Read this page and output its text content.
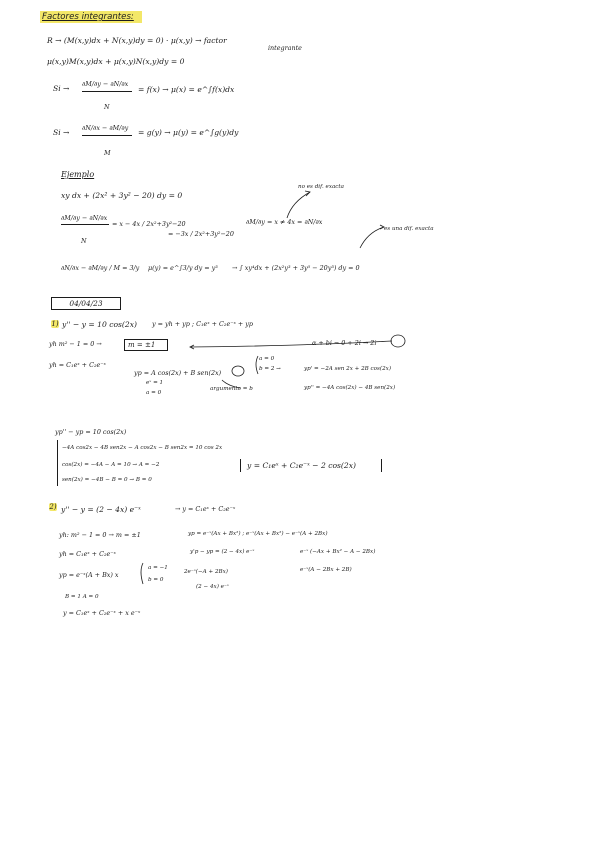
Factores integrantes:
R → (M(x,y)dx + N(x,y)dy = 0) · μ(x,y) → factor
integrante
μ(x,y)M(x,y)dx + μ(x,y)N(x,y)dy = 0
Si → ∂M/∂y − ∂N/∂x
N
= f(x) → μ(x) = e^∫f(x)dx
Si → ∂N/∂x − ∂M/∂y
M
= g(y) → μ(y) = e^∫g(y)dy
Ejemplo
xy dx + (2x² + 3y² − 20) dy = 0
∂M/∂y − ∂N/∂x
N
= x − 4x / 2x²+3y²−20
= −3x / 2x²+3y²−20
∂M/∂y = x ≠ 4x = ∂N/∂x
no es dif. exacta
es una dif. exacta
∂N/∂x − ∂M/∂y / M = 3/y μ(y) = e^∫3/y dy = y³ → ∫ xy⁴dx + (2x²y³ + 3y⁵ − 20y³) dy = 0
04/04/23
1) y'' − y = 10 cos(2x) y = yh + yp ; C₁eˣ + C₂e⁻ˣ + yp
yh m² − 1 = 0 →	m = ±1	α + bi = 0 + 2i → 2i
yh = C₁eˣ + C₂e⁻ˣ
yp = A cos(2x) + B sen(2x)
a = 0
b = 2 →
eˣ = 1
a = 0
argumento = b
yp' = −2A sen 2x + 2B cos(2x)
yp'' = −4A cos(2x) − 4B sen(2x)
yp'' − yp = 10 cos(2x)
−4A cos2x − 4B sen2x − A cos2x − B sen2x = 10 cos 2x
cos(2x) = −4A − A = 10 → A = −2
sen(2x) = −4B − B = 0 → B = 0
y = C₁eˣ + C₂e⁻ˣ − 2 cos(2x)
2) y'' − y = (2 − 4x) e⁻ˣ	→ y = C₁eˣ + C₂e⁻ˣ
yh: m² − 1 = 0 → m = ±1
yh = C₁eˣ + C₂e⁻ˣ
yp = e⁻ˣ(A + Bx) x
a = −1
b = 0
yp = e⁻ˣ(Ax + Bx²) ; e⁻ˣ(Ax + Bx²) − e⁻ˣ(A + 2Bx)
y'p − yp = (2 − 4x) e⁻ˣ	e⁻ˣ (−Ax + Bx² − A − 2Bx)
2e⁻ˣ(−A + 2Bx)	e⁻ˣ(A − 2Bx + 2B)
(2 − 4x) e⁻ˣ
B = 1 A = 0
y = C₁eˣ + C₂e⁻ˣ + x e⁻ˣ
